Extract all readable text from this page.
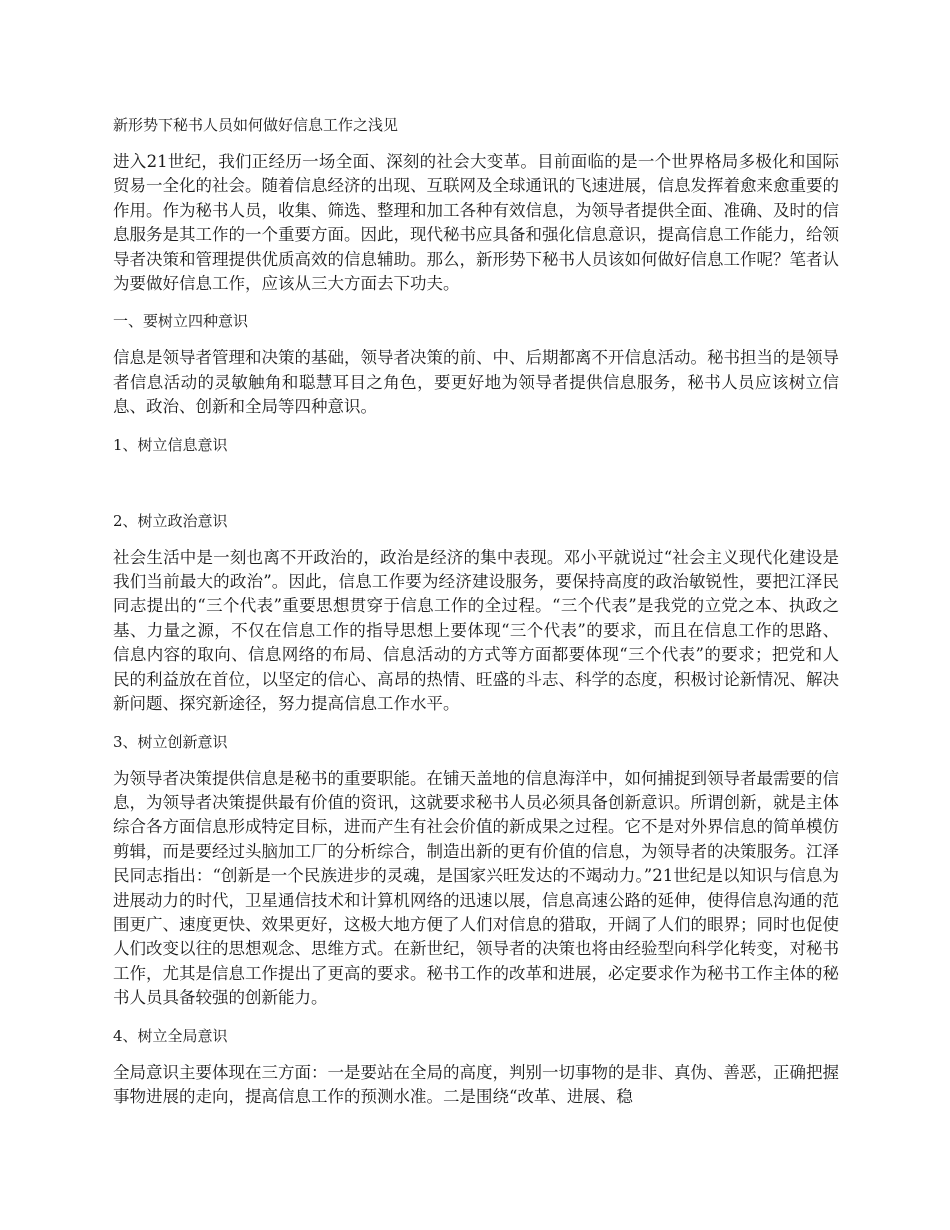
新形势下秘书人员如何做好信息工作之浅见

进入21世纪，我们正经历一场全面、深刻的社会大变革。目前面临的是一个世界格局多极化和国际贸易一全化的社会。随着信息经济的出现、互联网及全球通讯的飞速进展，信息发挥着愈来愈重要的作用。作为秘书人员，收集、筛选、整理和加工各种有效信息，为领导者提供全面、准确、及时的信息服务是其工作的一个重要方面。因此，现代秘书应具备和强化信息意识，提高信息工作能力，给领导者决策和管理提供优质高效的信息辅助。那么，新形势下秘书人员该如何做好信息工作呢？笔者认为要做好信息工作，应该从三大方面去下功夫。

一、要树立四种意识

信息是领导者管理和决策的基础，领导者决策的前、中、后期都离不开信息活动。秘书担当的是领导者信息活动的灵敏触角和聪慧耳目之角色，要更好地为领导者提供信息服务，秘书人员应该树立信息、政治、创新和全局等四种意识。

1、树立信息意识
2、树立政治意识

社会生活中是一刻也离不开政治的，政治是经济的集中表现。邓小平就说过“社会主义现代化建设是我们当前最大的政治”。因此，信息工作要为经济建设服务，要保持高度的政治敏锐性，要把江泽民同志提出的“三个代表”重要思想贯穿于信息工作的全过程。“三个代表”是我党的立党之本、执政之基、力量之源，不仅在信息工作的指导思想上要体现“三个代表”的要求，而且在信息工作的思路、信息内容的取向、信息网络的布局、信息活动的方式等方面都要体现“三个代表”的要求；把党和人民的利益放在首位，以坚定的信心、高昂的热情、旺盛的斗志、科学的态度，积极讨论新情况、解决新问题、探究新途径，努力提高信息工作水平。

3、树立创新意识

为领导者决策提供信息是秘书的重要职能。在铺天盖地的信息海洋中，如何捕捉到领导者最需要的信息，为领导者决策提供最有价值的资讯，这就要求秘书人员必须具备创新意识。所谓创新，就是主体综合各方面信息形成特定目标，进而产生有社会价值的新成果之过程。它不是对外界信息的简单模仿剪辑，而是要经过头脑加工厂的分析综合，制造出新的更有价值的信息，为领导者的决策服务。江泽民同志指出：“创新是一个民族进步的灵魂，是国家兴旺发达的不竭动力。”21世纪是以知识与信息为进展动力的时代，卫星通信技术和计算机网络的迅速以展，信息高速公路的延伸，使得信息沟通的范围更广、速度更快、效果更好，这极大地方便了人们对信息的猎取，开阔了人们的眼界；同时也促使人们改变以往的思想观念、思维方式。在新世纪，领导者的决策也将由经验型向科学化转变，对秘书工作，尤其是信息工作提出了更高的要求。秘书工作的改革和进展，必定要求作为秘书工作主体的秘书人员具备较强的创新能力。

4、树立全局意识

全局意识主要体现在三方面：一是要站在全局的高度，判别一切事物的是非、真伪、善恶，正确把握事物进展的走向，提高信息工作的预测水准。二是围绕“改革、进展、稳
